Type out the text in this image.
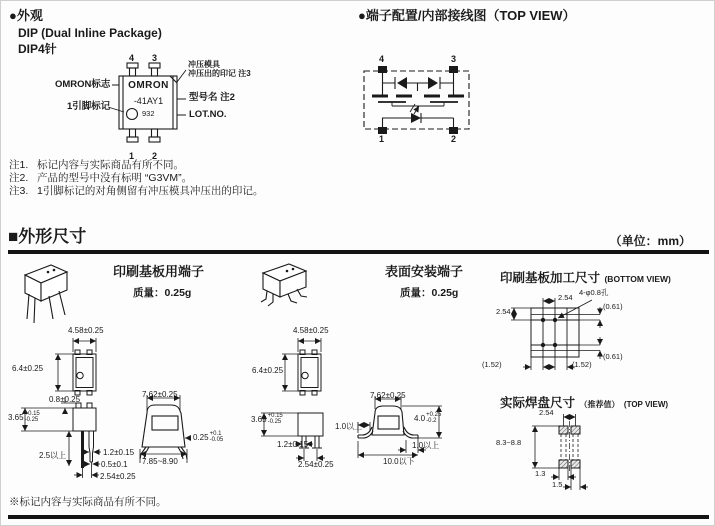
●外观
DIP (Dual Inline Package)
DIP4针
4 3
OMRON
-41AY1
932
1 2
OMRON标志
1引脚标记
冲压模具
冲压出的印记 注3
型号名 注2
LOT.NO.
注1. 标记内容与实际商品有所不同。
注2. 产品的型号中没有标明 “G3VM”。
注3. 1引脚标记的对角侧留有冲压模具冲压出的印记。
●端子配置/内部接线图（TOP VIEW）
4	3
1	2
■外形尺寸	（单位：mm）
印刷基板用端子
质量：0.25g
表面安装端子
质量：0.25g
印刷基板加工尺寸 (BOTTOM VIEW)
实际焊盘尺寸 （推荐值） (TOP VIEW)
4.58±0.25
6.4±0.25
0.8±0.25
3.65 +0.15
-0.25
2.5以上	1.2±0.15
0.5±0.1
2.54±0.25
7.62±0.25
0.25 +0.1
-0.05
7.85~8.90
4.58±0.25
6.4±0.25
3.65 +0.15
-0.25
1.2±0.15
2.54±0.25
7.62±0.25
1.0以上
4.0 +0.25
-0.2
1.0以上
10.0以下
2.54
4-φ0.8孔
(0.61)
2.54
(0.61)
(1.52)	(1.52)
2.54
8.3~8.8
1.3
1.5
※标记内容与实际商品有所不同。
